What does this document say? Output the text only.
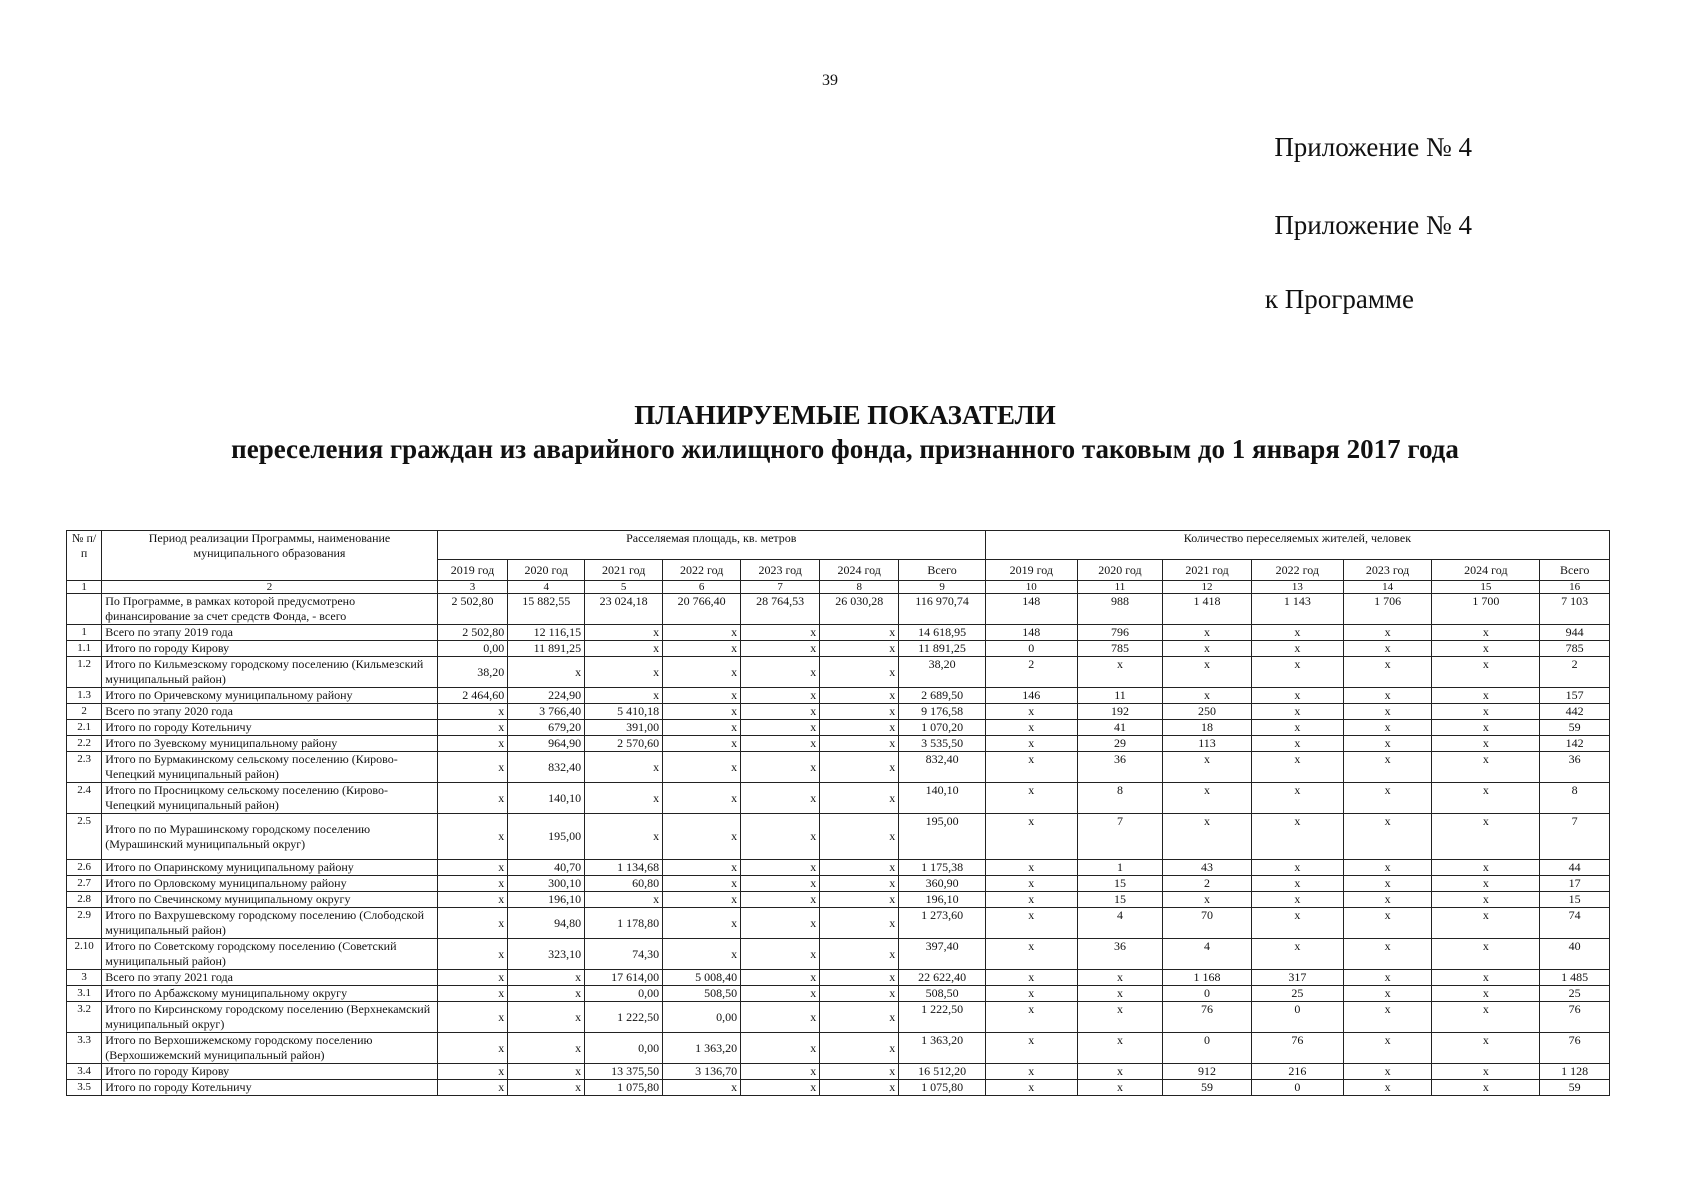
39
Приложение № 4
Приложение № 4
к Программе
ПЛАНИРУЕМЫЕ ПОКАЗАТЕЛИ
переселения граждан из аварийного жилищного фонда, признанного таковым до 1 января 2017 года
№ п/п	Период реализации Программы, наименование муниципального образования	Расселяемая площадь, кв. метров							Количество переселяемых жителей, человек						
		2019 год	2020 год	2021 год	2022 год	2023 год	2024 год	Всего	2019 год	2020 год	2021 год	2022 год	2023 год	2024 год	Всего
1	2	3	4	5	6	7	8	9	10	11	12	13	14	15	16
	По Программе, в рамках которой предусмотрено финансирование за счет средств Фонда, - всего	2 502,80	15 882,55	23 024,18	20 766,40	28 764,53	26 030,28	116 970,74	148	988	1 418	1 143	1 706	1 700	7 103
1	Всего по этапу 2019 года	2 502,80	12 116,15	x	x	x	x	14 618,95	148	796	x	x	x	x	944
1.1	Итого по городу Кирову	0,00	11 891,25	x	x	x	x	11 891,25	0	785	x	x	x	x	785
1.2	Итого по Кильмезскому городскому поселению (Кильмезский муниципальный район)	38,20	x	x	x	x	x	38,20	2	x	x	x	x	x	2
1.3	Итого по Оричевскому муниципальному району	2 464,60	224,90	x	x	x	x	2 689,50	146	11	x	x	x	x	157
2	Всего по этапу 2020 года	x	3 766,40	5 410,18	x	x	x	9 176,58	x	192	250	x	x	x	442
2.1	Итого по городу Котельничу	x	679,20	391,00	x	x	x	1 070,20	x	41	18	x	x	x	59
2.2	Итого по Зуевскому муниципальному району	x	964,90	2 570,60	x	x	x	3 535,50	x	29	113	x	x	x	142
2.3	Итого по Бурмакинскому сельскому поселению (Кирово-Чепецкий муниципальный район)	x	832,40	x	x	x	x	832,40	x	36	x	x	x	x	36
2.4	Итого по Просницкому сельскому поселению (Кирово-Чепецкий муниципальный район)	x	140,10	x	x	x	x	140,10	x	8	x	x	x	x	8
2.5	Итого по по Мурашинскому городскому поселению (Мурашинский муниципальный округ)	x	195,00	x	x	x	x	195,00	x	7	x	x	x	x	7
2.6	Итого по Опаринскому муниципальному району	x	40,70	1 134,68	x	x	x	1 175,38	x	1	43	x	x	x	44
2.7	Итого по Орловскому муниципальному району	x	300,10	60,80	x	x	x	360,90	x	15	2	x	x	x	17
2.8	Итого по Свечинскому муниципальному округу	x	196,10	x	x	x	x	196,10	x	15	x	x	x	x	15
2.9	Итого по Вахрушевскому городскому поселению (Слободской муниципальный район)	x	94,80	1 178,80	x	x	x	1 273,60	x	4	70	x	x	x	74
2.10	Итого по Советскому городскому поселению (Советский муниципальный район)	x	323,10	74,30	x	x	x	397,40	x	36	4	x	x	x	40
3	Всего по этапу 2021 года	x	x	17 614,00	5 008,40	x	x	22 622,40	x	x	1 168	317	x	x	1 485
3.1	Итого по Арбажскому муниципальному округу	x	x	0,00	508,50	x	x	508,50	x	x	0	25	x	x	25
3.2	Итого по Кирсинскому городскому поселению (Верхнекамский муниципальный округ)	x	x	1 222,50	0,00	x	x	1 222,50	x	x	76	0	x	x	76
3.3	Итого по Верхошижемскому городскому поселению (Верхошижемский муниципальный район)	x	x	0,00	1 363,20	x	x	1 363,20	x	x	0	76	x	x	76
3.4	Итого по городу Кирову	x	x	13 375,50	3 136,70	x	x	16 512,20	x	x	912	216	x	x	1 128
3.5	Итого по городу Котельничу	x	x	1 075,80	x	x	x	1 075,80	x	x	59	0	x	x	59
